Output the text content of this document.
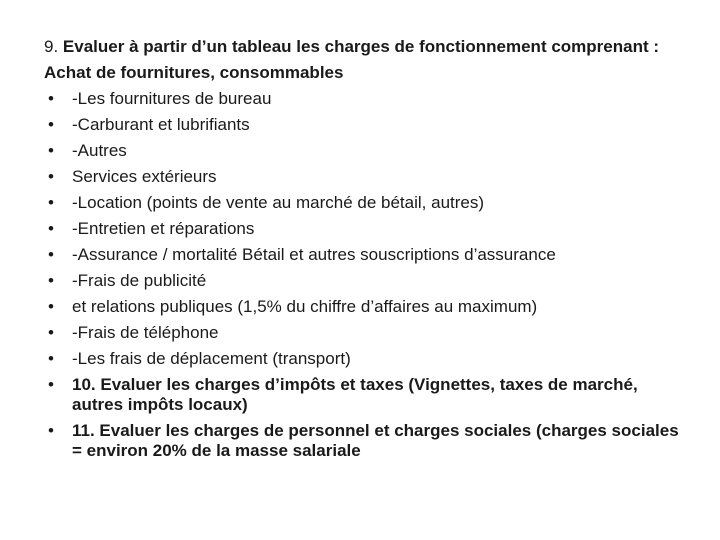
9. Evaluer à partir d’un tableau les charges de fonctionnement comprenant : Achat de fournitures, consommables

• -Les fournitures de bureau
• -Carburant et lubrifiants
• -Autres
• Services extérieurs
• -Location (points de vente au marché de bétail, autres)
• -Entretien et réparations
• -Assurance / mortalité Bétail et autres souscriptions d’assurance
• -Frais de publicité
• et relations publiques (1,5% du chiffre d’affaires au maximum)
• -Frais de téléphone
• -Les frais de déplacement (transport)
• 10. Evaluer les charges d’impôts et taxes (Vignettes, taxes de marché, autres impôts locaux)
• 11. Evaluer les charges de personnel et charges sociales (charges sociales = environ 20% de la masse salariale
